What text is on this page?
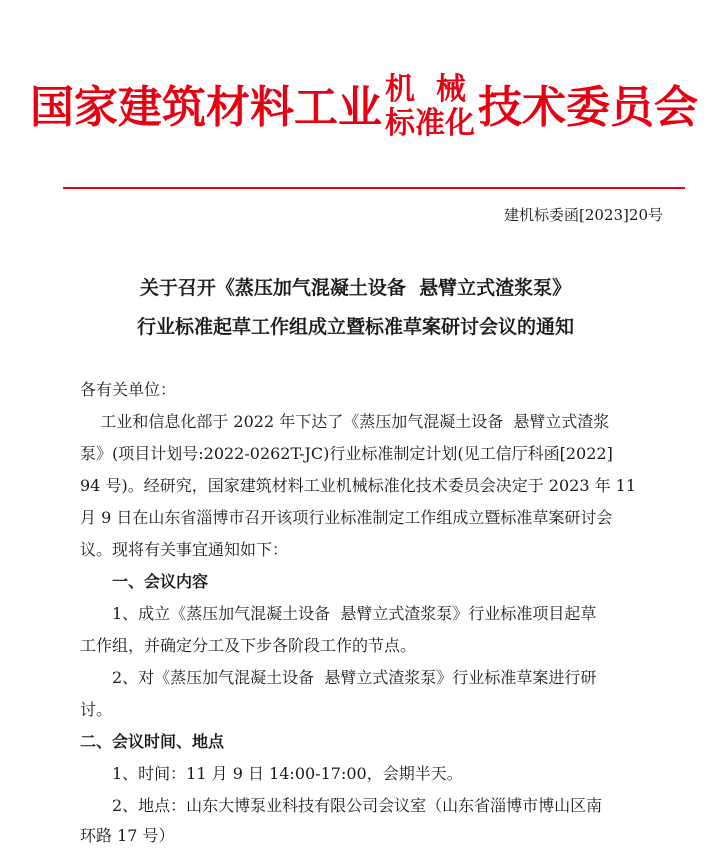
国家建筑材料工业 机  械
标准化 技术委员会
建机标委函[2023]20号
关于召开《蒸压加气混凝土设备  悬臂立式渣浆泵》
行业标准起草工作组成立暨标准草案研讨会议的通知
各有关单位：
工业和信息化部于 2022 年下达了《蒸压加气混凝土设备  悬臂立式渣浆
泵》(项目计划号:2022-0262T-JC)行业标准制定计划(见工信厅科函[2022]
94 号)。经研究，国家建筑材料工业机械标准化技术委员会决定于 2023 年 11
月 9 日在山东省淄博市召开该项行业标准制定工作组成立暨标准草案研讨会
议。现将有关事宜通知如下：
一、会议内容
1、成立《蒸压加气混凝土设备  悬臂立式渣浆泵》行业标准项目起草
工作组，并确定分工及下步各阶段工作的节点。
2、对《蒸压加气混凝土设备  悬臂立式渣浆泵》行业标准草案进行研
讨。
二、会议时间、地点
1、时间：11 月 9 日 14:00-17:00，会期半天。
2、地点：山东大博泵业科技有限公司会议室（山东省淄博市博山区南
环路 17 号）
